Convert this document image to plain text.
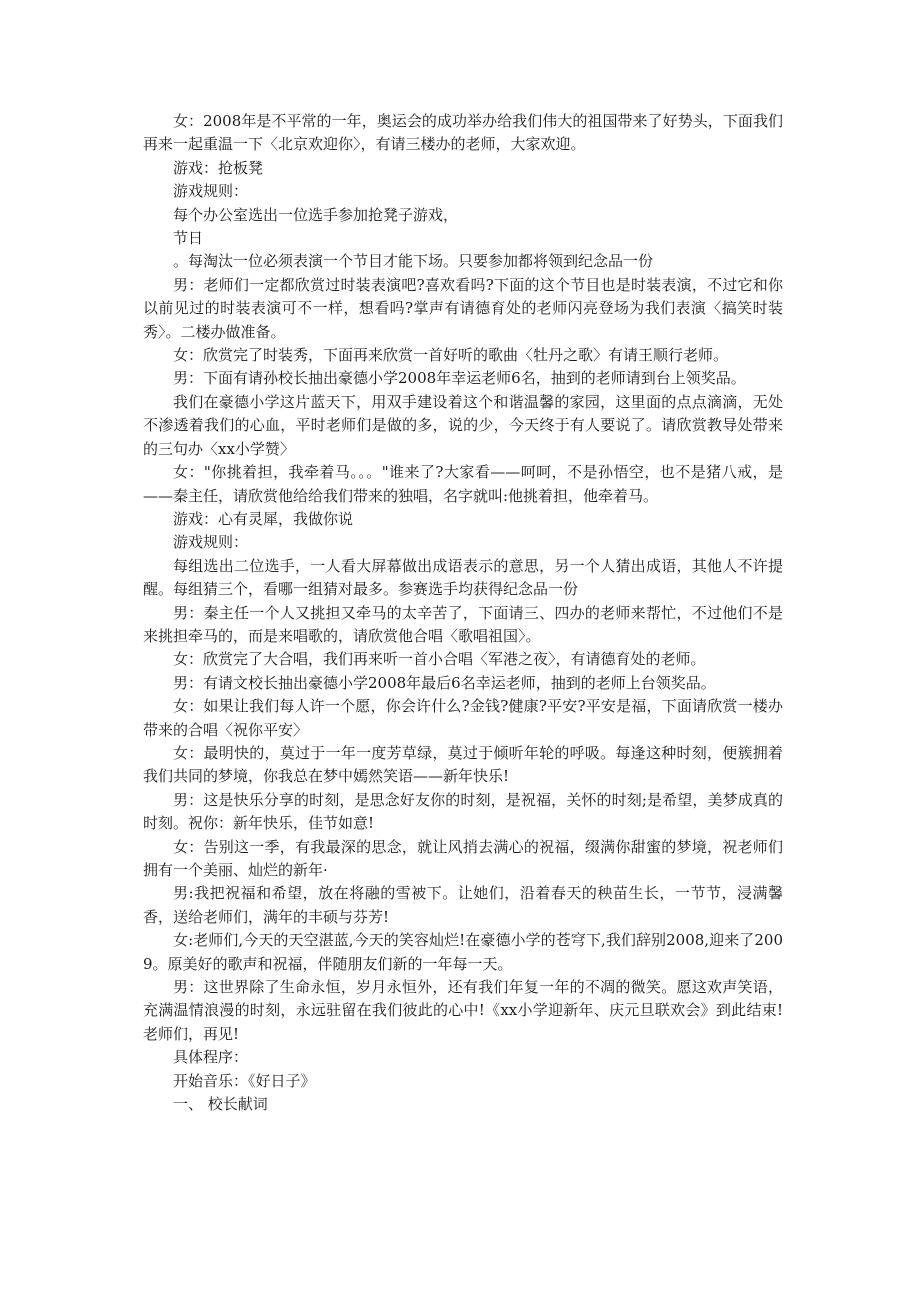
女：2008年是不平常的一年，奥运会的成功举办给我们伟大的祖国带来了好势头，下面我们再来一起重温一下〈北京欢迎你〉，有请三楼办的老师，大家欢迎。

游戏：抢板凳

游戏规则：

每个办公室选出一位选手参加抢凳子游戏，

节日

。每淘汰一位必须表演一个节目才能下场。只要参加都将领到纪念品一份

男：老师们一定都欣赏过时装表演吧?喜欢看吗?下面的这个节目也是时装表演，不过它和你以前见过的时装表演可不一样，想看吗?掌声有请德育处的老师闪亮登场为我们表演〈搞笑时装秀〉。二楼办做准备。

女：欣赏完了时装秀，下面再来欣赏一首好听的歌曲〈牡丹之歌〉有请王顺行老师。

男：下面有请孙校长抽出豪德小学2008年幸运老师6名，抽到的老师请到台上领奖品。

我们在豪德小学这片蓝天下，用双手建设着这个和谐温馨的家园，这里面的点点滴滴，无处不渗透着我们的心血，平时老师们是做的多，说的少，今天终于有人要说了。请欣赏教导处带来的三句办〈xx小学赞〉

女："你挑着担，我牵着马。。。"谁来了?大家看——呵呵，不是孙悟空，也不是猪八戒，是——秦主任，请欣赏他给给我们带来的独唱，名字就叫:他挑着担，他牵着马。

游戏：心有灵犀，我做你说

游戏规则：

每组选出二位选手，一人看大屏幕做出成语表示的意思，另一个人猜出成语，其他人不许提醒。每组猜三个，看哪一组猜对最多。参赛选手均获得纪念品一份

男：秦主任一个人又挑担又牵马的太辛苦了，下面请三、四办的老师来帮忙，不过他们不是来挑担牵马的，而是来唱歌的，请欣赏他合唱〈歌唱祖国〉。

女：欣赏完了大合唱，我们再来听一首小合唱〈军港之夜〉，有请德育处的老师。

男：有请文校长抽出豪德小学2008年最后6名幸运老师，抽到的老师上台领奖品。

女：如果让我们每人许一个愿，你会许什么?金钱?健康?平安?平安是福，下面请欣赏一楼办带来的合唱〈祝你平安〉

女：最明快的，莫过于一年一度芳草绿，莫过于倾听年轮的呼吸。每逢这种时刻，便簇拥着我们共同的梦境，你我总在梦中嫣然笑语——新年快乐!

男：这是快乐分享的时刻，是思念好友你的时刻，是祝福，关怀的时刻;是希望，美梦成真的时刻。祝你：新年快乐，佳节如意!

女：告别这一季，有我最深的思念，就让风捎去满心的祝福，缀满你甜蜜的梦境，祝老师们拥有一个美丽、灿烂的新年·

男:我把祝福和希望，放在将融的雪被下。让她们，沿着春天的秧苗生长，一节节，浸满馨香，送给老师们，满年的丰硕与芬芳!

女:老师们,今天的天空湛蓝,今天的笑容灿烂!在豪德小学的苍穹下,我们辞别2008,迎来了2009。原美好的歌声和祝福，伴随朋友们新的一年每一天。

男：这世界除了生命永恒，岁月永恒外，还有我们年复一年的不凋的微笑。愿这欢声笑语，充满温情浪漫的时刻，永远驻留在我们彼此的心中!《xx小学迎新年、庆元旦联欢会》到此结束!老师们，再见!

具体程序：

开始音乐：《好日子》

一、 校长献词
